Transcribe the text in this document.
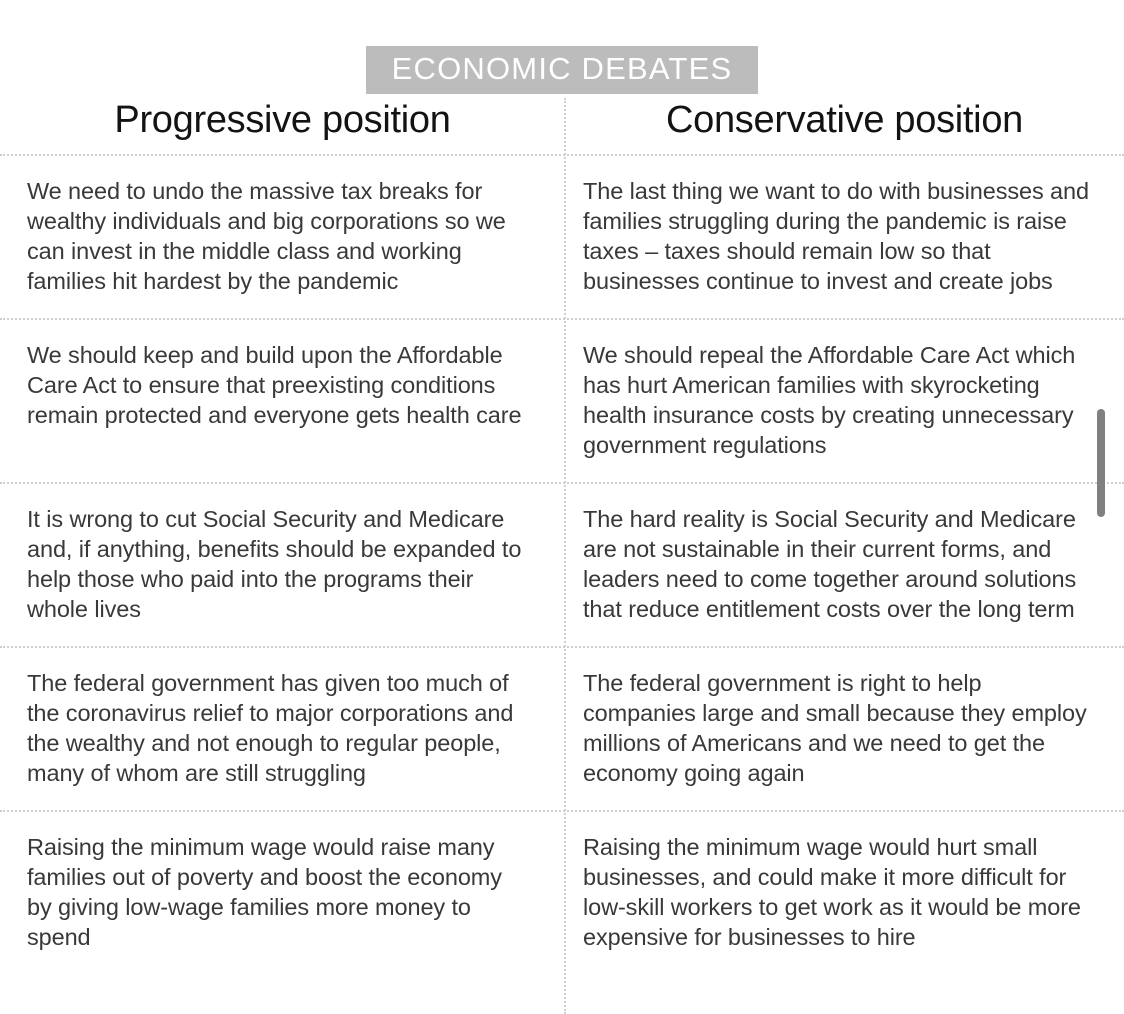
ECONOMIC DEBATES
Progressive position	Conservative position
We need to undo the massive tax breaks for wealthy individuals and big corporations so we can invest in the middle class and working families hit hardest by the pandemic
The last thing we want to do with businesses and families struggling during the pandemic is raise taxes – taxes should remain low so that businesses continue to invest and create jobs
We should keep and build upon the Affordable Care Act to ensure that preexisting conditions remain protected and everyone gets health care
We should repeal the Affordable Care Act which has hurt American families with skyrocketing health insurance costs by creating unnecessary government regulations
It is wrong to cut Social Security and Medicare and, if anything, benefits should be expanded to help those who paid into the programs their whole lives
The hard reality is Social Security and Medicare are not sustainable in their current forms, and leaders need to come together around solutions that reduce entitlement costs over the long term
The federal government has given too much of the coronavirus relief to major corporations and the wealthy and not enough to regular people, many of whom are still struggling
The federal government is right to help companies large and small because they employ millions of Americans and we need to get the economy going again
Raising the minimum wage would raise many families out of poverty and boost the economy by giving low-wage families more money to spend
Raising the minimum wage would hurt small businesses, and could make it more difficult for low-skill workers to get work as it would be more expensive for businesses to hire
